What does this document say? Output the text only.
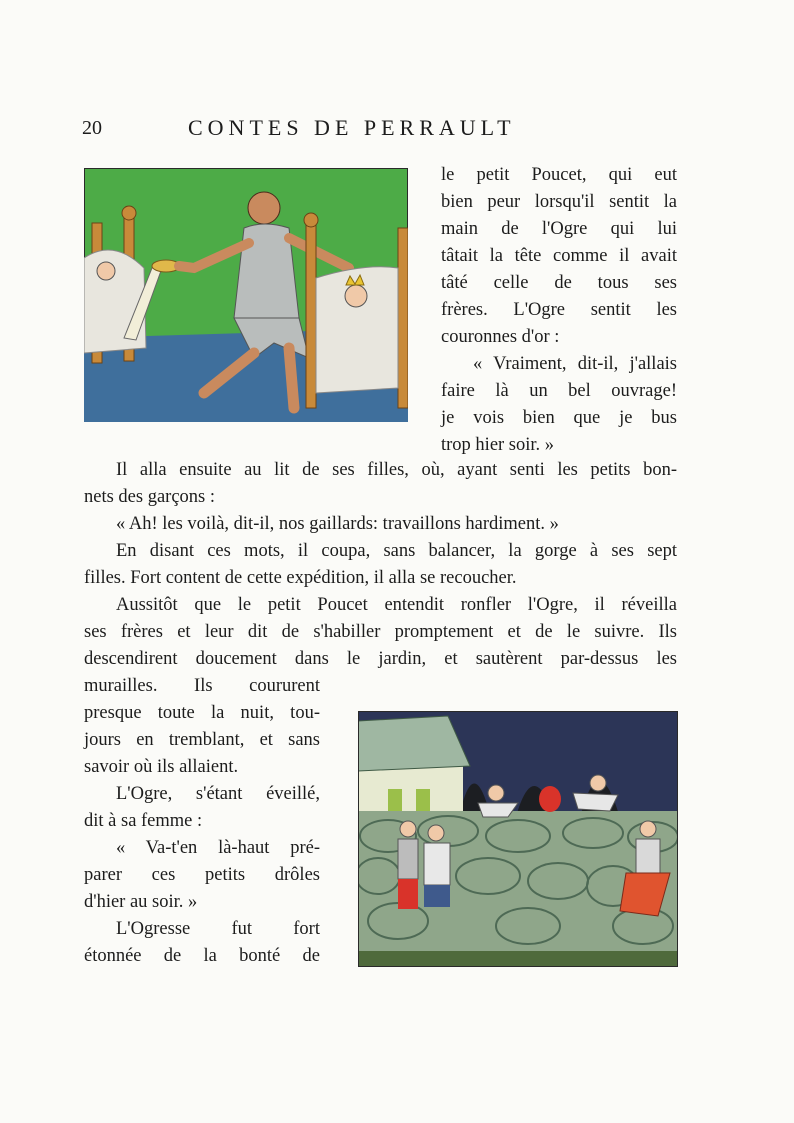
20	CONTES DE PERRAULT
le petit Poucet, qui eut
bien peur lorsqu'il sentit la
main de l'Ogre qui lui
tâtait la tête comme il avait
tâté celle de tous ses
frères. L'Ogre sentit les
couronnes d'or :
« Vraiment, dit-il, j'allais
faire là un bel ouvrage!
je vois bien que je bus
trop hier soir. »
Il alla ensuite au lit de ses filles, où, ayant senti les petits bon-
nets des garçons :
« Ah! les voilà, dit-il, nos gaillards: travaillons hardiment. »
En disant ces mots, il coupa, sans balancer, la gorge à ses sept
filles. Fort content de cette expédition, il alla se recoucher.
Aussitôt que le petit Poucet entendit ronfler l'Ogre, il réveilla
ses frères et leur dit de s'habiller promptement et de le suivre. Ils
descendirent doucement dans le jardin, et sautèrent par-dessus les
murailles. Ils coururent
presque toute la nuit, tou-
jours en tremblant, et sans
savoir où ils allaient.
L'Ogre, s'étant éveillé,
dit à sa femme :
« Va-t'en là-haut pré-
parer ces petits drôles
d'hier au soir. »
L'Ogresse fut fort
étonnée de la bonté de
